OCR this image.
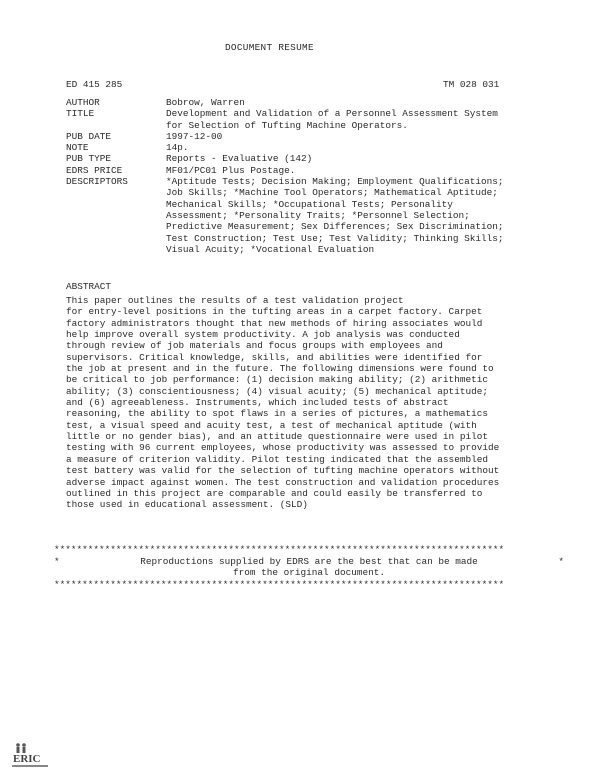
DOCUMENT RESUME
ED 415 285	TM 028 031
AUTHOR	Bobrow, Warren
TITLE	Development and Validation of a Personnel Assessment System
for Selection of Tufting Machine Operators.
PUB DATE	1997-12-00
NOTE	14p.
PUB TYPE	Reports - Evaluative (142)
EDRS PRICE	MF01/PC01 Plus Postage.
DESCRIPTORS	*Aptitude Tests; Decision Making; Employment Qualifications;
Job Skills; *Machine Tool Operators; Mathematical Aptitude;
Mechanical Skills; *Occupational Tests; Personality
Assessment; *Personality Traits; *Personnel Selection;
Predictive Measurement; Sex Differences; Sex Discrimination;
Test Construction; Test Use; Test Validity; Thinking Skills;
Visual Acuity; *Vocational Evaluation
ABSTRACT
This paper outlines the results of a test validation project
for entry-level positions in the tufting areas in a carpet factory. Carpet
factory administrators thought that new methods of hiring associates would
help improve overall system productivity. A job analysis was conducted
through review of job materials and focus groups with employees and
supervisors. Critical knowledge, skills, and abilities were identified for
the job at present and in the future. The following dimensions were found to
be critical to job performance: (1) decision making ability; (2) arithmetic
ability; (3) conscientiousness; (4) visual acuity; (5) mechanical aptitude;
and (6) agreeableness. Instruments, which included tests of abstract
reasoning, the ability to spot flaws in a series of pictures, a mathematics
test, a visual speed and acuity test, a test of mechanical aptitude (with
little or no gender bias), and an attitude questionnaire were used in pilot
testing with 96 current employees, whose productivity was assessed to provide
a measure of criterion validity. Pilot testing indicated that the assembled
test battery was valid for the selection of tufting machine operators without
adverse impact against women. The test construction and validation procedures
outlined in this project are comparable and could easily be transferred to
those used in educational assessment. (SLD)
********************************************************************************
*	Reproductions supplied by EDRS are the best that can be made
from the original document.
*
********************************************************************************
ERIC
